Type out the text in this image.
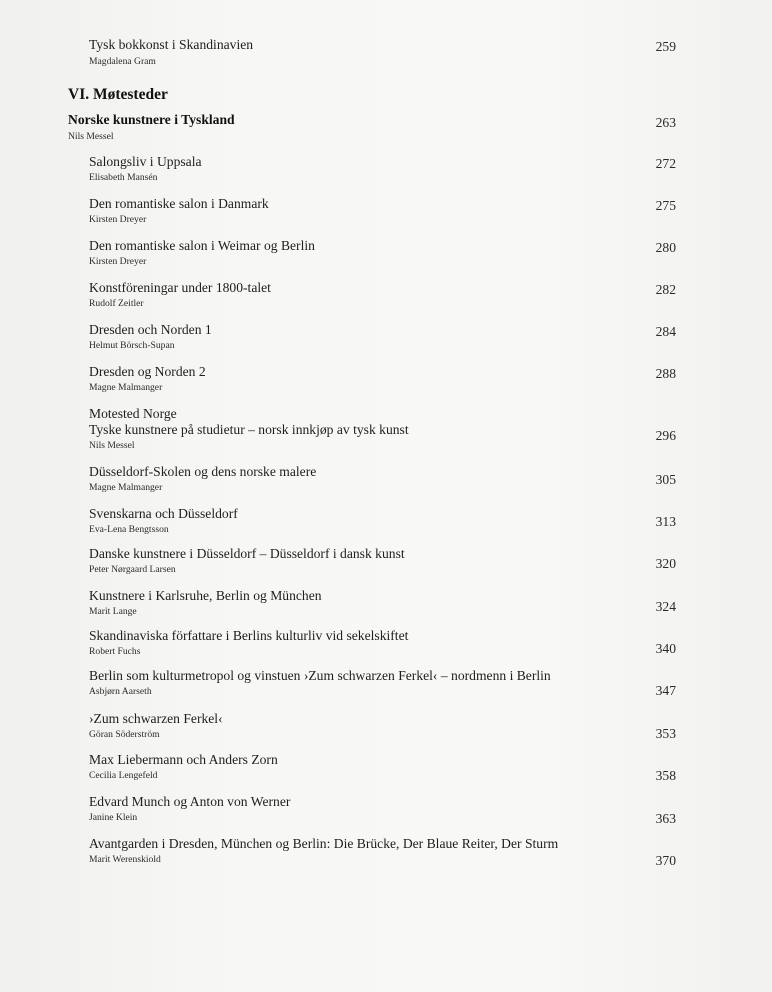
Tysk bokkonst i Skandinavien
Magdalena Gram
259
VI. Møtesteder
Norske kunstnere i Tyskland
Nils Messel
263
Salongsliv i Uppsala
Elisabeth Mansén
272
Den romantiske salon i Danmark
Kirsten Dreyer
275
Den romantiske salon i Weimar og Berlin
Kirsten Dreyer
280
Konstföreningar under 1800-talet
Rudolf Zeitler
282
Dresden och Norden 1
Helmut Börsch-Supan
284
Dresden og Norden 2
Magne Malmanger
288
Motested Norge
Tyske kunstnere på studietur – norsk innkjøp av tysk kunst
Nils Messel
296
Düsseldorf-Skolen og dens norske malere
Magne Malmanger
305
Svenskarna och Düsseldorf
Eva-Lena Bengtsson
313
Danske kunstnere i Düsseldorf – Düsseldorf i dansk kunst
Peter Nørgaard Larsen	320
Kunstnere i Karlsruhe, Berlin og München
Marit Lange	324
Skandinaviska författare i Berlins kulturliv vid sekelskiftet
Robert Fuchs	340
Berlin som kulturmetropol og vinstuen ›Zum schwarzen Ferkel‹ – nordmenn i Berlin
Asbjørn Aarseth	347
›Zum schwarzen Ferkel‹
Göran Söderström	353
Max Liebermann och Anders Zorn
Cecilia Lengefeld	358
Edvard Munch og Anton von Werner
Janine Klein	363
Avantgarden i Dresden, München og Berlin: Die Brücke, Der Blaue Reiter, Der Sturm
Marit Werenskiold	370
